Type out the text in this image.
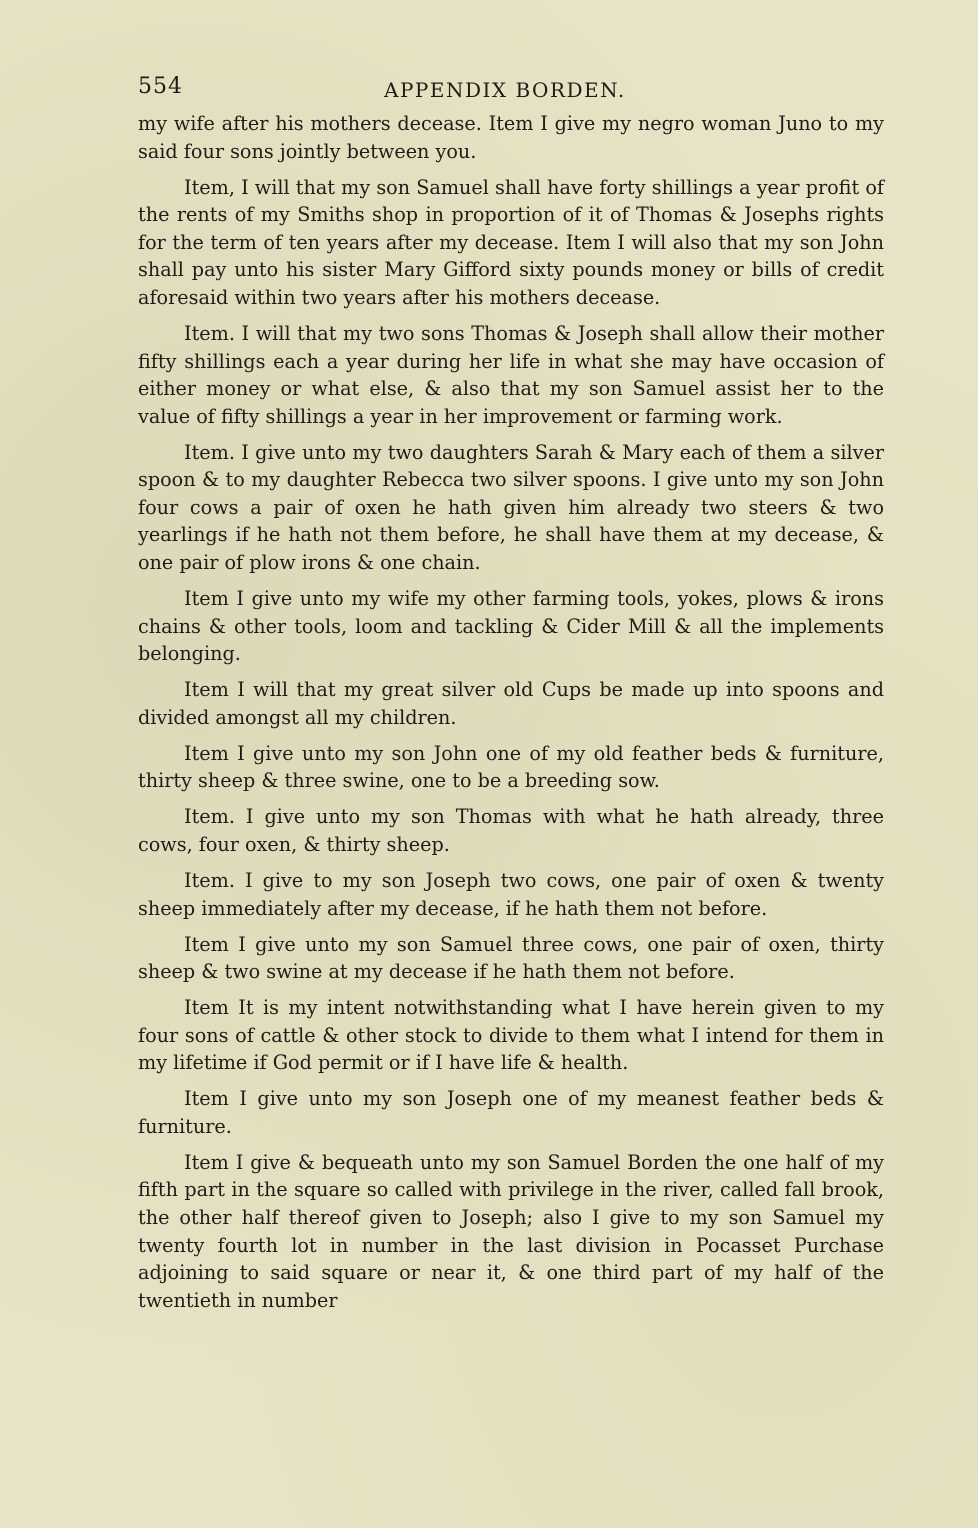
554	APPENDIX BORDEN.

my wife after his mothers decease. Item I give my negro woman Juno to my said four sons jointly between you.

Item, I will that my son Samuel shall have forty shillings a year profit of the rents of my Smiths shop in proportion of it of Thomas & Josephs rights for the term of ten years after my decease. Item I will also that my son John shall pay unto his sister Mary Gifford sixty pounds money or bills of credit aforesaid within two years after his mothers decease.

Item. I will that my two sons Thomas & Joseph shall allow their mother fifty shillings each a year during her life in what she may have occasion of either money or what else, & also that my son Samuel assist her to the value of fifty shillings a year in her improvement or farming work.

Item. I give unto my two daughters Sarah & Mary each of them a silver spoon & to my daughter Rebecca two silver spoons. I give unto my son John four cows a pair of oxen he hath given him already two steers & two yearlings if he hath not them before, he shall have them at my decease, & one pair of plow irons & one chain.

Item I give unto my wife my other farming tools, yokes, plows & irons chains & other tools, loom and tackling & Cider Mill & all the implements belonging.

Item I will that my great silver old Cups be made up into spoons and divided amongst all my children.

Item I give unto my son John one of my old feather beds & furniture, thirty sheep & three swine, one to be a breeding sow.

Item. I give unto my son Thomas with what he hath already, three cows, four oxen, & thirty sheep.

Item. I give to my son Joseph two cows, one pair of oxen & twenty sheep immediately after my decease, if he hath them not before.

Item I give unto my son Samuel three cows, one pair of oxen, thirty sheep & two swine at my decease if he hath them not before.

Item It is my intent notwithstanding what I have herein given to my four sons of cattle & other stock to divide to them what I intend for them in my lifetime if God permit or if I have life & health.

Item I give unto my son Joseph one of my meanest feather beds & furniture.

Item I give & bequeath unto my son Samuel Borden the one half of my fifth part in the square so called with privilege in the river, called fall brook, the other half thereof given to Joseph; also I give to my son Samuel my twenty fourth lot in number in the last division in Pocasset Purchase adjoining to said square or near it, & one third part of my half of the twentieth in number
